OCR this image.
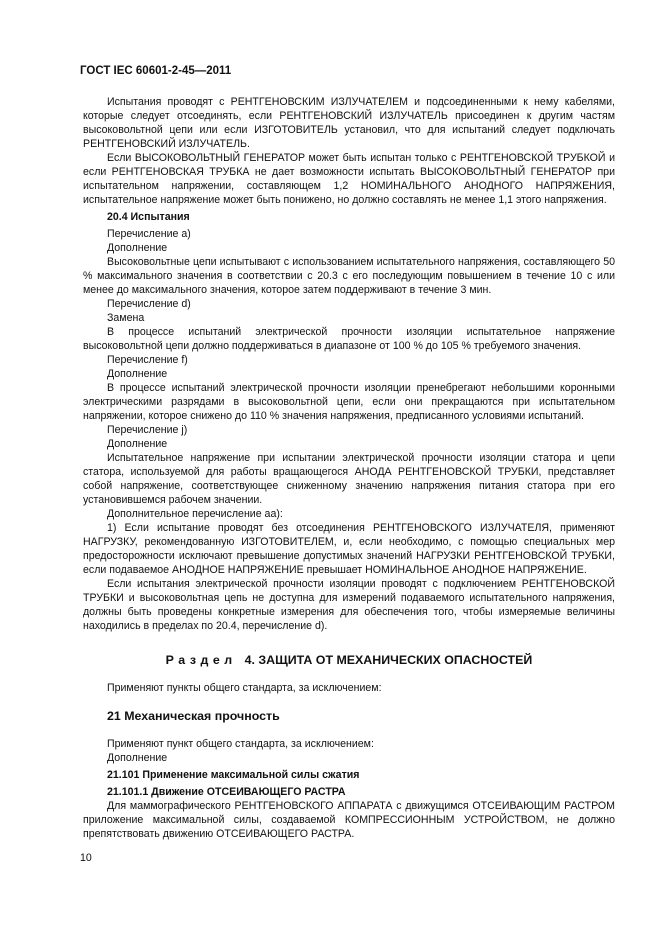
ГОСТ IEC 60601-2-45—2011

Испытания проводят с РЕНТГЕНОВСКИМ ИЗЛУЧАТЕЛЕМ и подсоединенными к нему кабелями, которые следует отсоединять, если РЕНТГЕНОВСКИЙ ИЗЛУЧАТЕЛЬ присоединен к другим частям высоковольтной цепи или если ИЗГОТОВИТЕЛЬ установил, что для испытаний следует подключать РЕНТГЕНОВСКИЙ ИЗЛУЧАТЕЛЬ.

Если ВЫСОКОВОЛЬТНЫЙ ГЕНЕРАТОР может быть испытан только с РЕНТГЕНОВСКОЙ ТРУБКОЙ и если РЕНТГЕНОВСКАЯ ТРУБКА не дает возможности испытать ВЫСОКОВОЛЬТНЫЙ ГЕНЕРАТОР при испытательном напряжении, составляющем 1,2 НОМИНАЛЬНОГО АНОДНОГО НАПРЯЖЕНИЯ, испытательное напряжение может быть понижено, но должно составлять не менее 1,1 этого напряжения.

20.4 Испытания

Перечисление а)

Дополнение

Высоковольтные цепи испытывают с использованием испытательного напряжения, составляющего 50 % максимального значения в соответствии с 20.3 с его последующим повышением в течение 10 с или менее до максимального значения, которое затем поддерживают в течение 3 мин.

Перечисление d)

Замена

В процессе испытаний электрической прочности изоляции испытательное напряжение высоковольтной цепи должно поддерживаться в диапазоне от 100 % до 105 % требуемого значения.

Перечисление f)

Дополнение

В процессе испытаний электрической прочности изоляции пренебрегают небольшими коронными электрическими разрядами в высоковольтной цепи, если они прекращаются при испытательном напряжении, которое снижено до 110 % значения напряжения, предписанного условиями испытаний.

Перечисление j)

Дополнение

Испытательное напряжение при испытании электрической прочности изоляции статора и цепи статора, используемой для работы вращающегося АНОДА РЕНТГЕНОВСКОЙ ТРУБКИ, представляет собой напряжение, соответствующее сниженному значению напряжения питания статора при его установившемся рабочем значении.

Дополнительное перечисление аа):

1) Если испытание проводят без отсоединения РЕНТГЕНОВСКОГО ИЗЛУЧАТЕЛЯ, применяют НАГРУЗКУ, рекомендованную ИЗГОТОВИТЕЛЕМ, и, если необходимо, с помощью специальных мер предосторожности исключают превышение допустимых значений НАГРУЗКИ РЕНТГЕНОВСКОЙ ТРУБКИ, если подаваемое АНОДНОЕ НАПРЯЖЕНИЕ превышает НОМИНАЛЬНОЕ АНОДНОЕ НАПРЯЖЕНИЕ.

Если испытания электрической прочности изоляции проводят с подключением РЕНТГЕНОВСКОЙ ТРУБКИ и высоковольтная цепь не доступна для измерений подаваемого испытательного напряжения, должны быть проведены конкретные измерения для обеспечения того, чтобы измеряемые величины находились в пределах по 20.4, перечисление d).

Раздел 4. ЗАЩИТА ОТ МЕХАНИЧЕСКИХ ОПАСНОСТЕЙ

Применяют пункты общего стандарта, за исключением:

21 Механическая прочность

Применяют пункт общего стандарта, за исключением:

Дополнение

21.101 Применение максимальной силы сжатия

21.101.1 Движение ОТСЕИВАЮЩЕГО РАСТРА

Для маммографического РЕНТГЕНОВСКОГО АППАРАТА с движущимся ОТСЕИВАЮЩИМ РАСТРОМ приложение максимальной силы, создаваемой КОМПРЕССИОННЫМ УСТРОЙСТВОМ, не должно препятствовать движению ОТСЕИВАЮЩЕГО РАСТРА.

10
